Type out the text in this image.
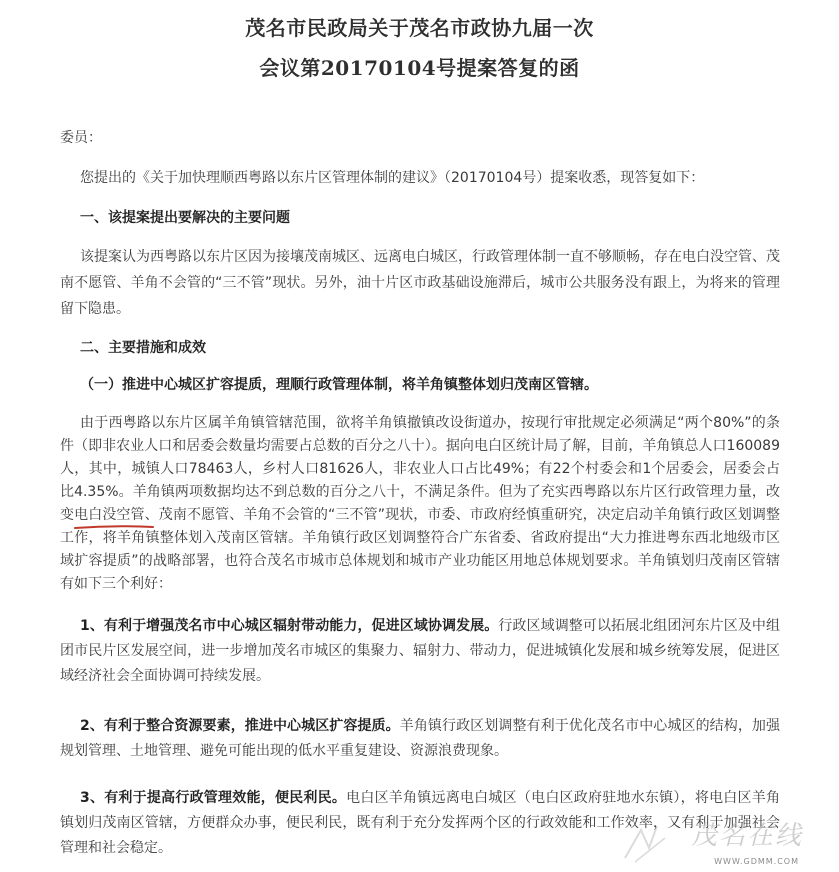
茂名市民政局关于茂名市政协九届一次
会议第20170104号提案答复的函
委员：
您提出的《关于加快理顺西粤路以东片区管理体制的建议》（20170104号）提案收悉，现答复如下：
一、该提案提出要解决的主要问题
该提案认为西粤路以东片区因为接壤茂南城区、远离电白城区，行政管理体制一直不够顺畅，存在电白没空管、茂南不愿管、羊角不会管的“三不管”现状。另外，油十片区市政基础设施滞后，城市公共服务没有跟上，为将来的管理留下隐患。
二、主要措施和成效
（一）推进中心城区扩容提质，理顺行政管理体制，将羊角镇整体划归茂南区管辖。
由于西粤路以东片区属羊角镇管辖范围，欲将羊角镇撤镇改设街道办，按现行审批规定必须满足“两个80%”的条件（即非农业人口和居委会数量均需要占总数的百分之八十）。据向电白区统计局了解，目前，羊角镇总人口160089人，其中，城镇人口78463人，乡村人口81626人，非农业人口占比49%；有22个村委会和1个居委会，居委会占比4.35%。羊角镇两项数据均达不到总数的百分之八十，不满足条件。但为了充实西粤路以东片区行政管理力量，改变电白没空管、茂南不愿管、羊角不会管的“三不管”现状，市委、市政府经慎重研究，决定启动羊角镇行政区划调整工作，将羊角镇整体划入茂南区管辖。羊角镇行政区划调整符合广东省委、省政府提出“大力推进粤东西北地级市区域扩容提质”的战略部署，也符合茂名市城市总体规划和城市产业功能区用地总体规划要求。羊角镇划归茂南区管辖有如下三个利好：
1、有利于增强茂名市中心城区辐射带动能力，促进区域协调发展。行政区域调整可以拓展北组团河东片区及中组团市民片区发展空间，进一步增加茂名市城区的集聚力、辐射力、带动力，促进城镇化发展和城乡统筹发展，促进区域经济社会全面协调可持续发展。
2、有利于整合资源要素，推进中心城区扩容提质。羊角镇行政区划调整有利于优化茂名市中心城区的结构，加强规划管理、土地管理、避免可能出现的低水平重复建设、资源浪费现象。
3、有利于提高行政管理效能，便民利民。电白区羊角镇远离电白城区（电白区政府驻地水东镇），将电白区羊角镇划归茂南区管辖，方便群众办事，便民利民，既有利于充分发挥两个区的行政效能和工作效率，又有利于加强社会管理和社会稳定。	茂名在线
WWW.GDMM.COM
